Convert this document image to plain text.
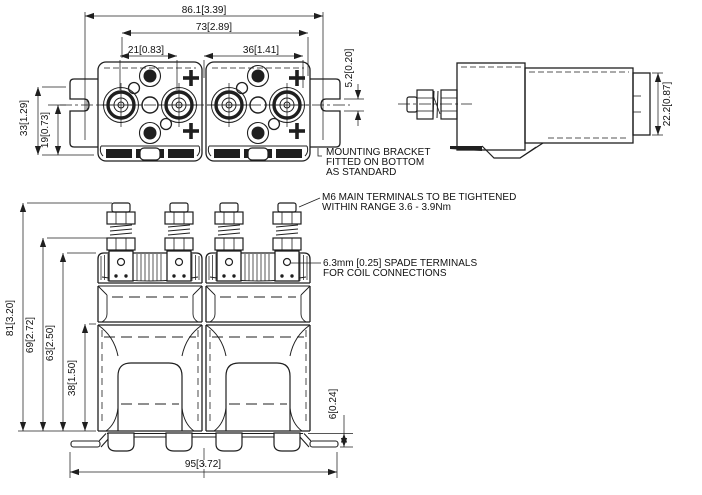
86.1[3.39]
73[2.89]
21[0.83]	36[1.41]
33[1.29] 19[0.73]
5.2[0.20]
22.2[0.87]
81[3.20] 69[2.72] 63[2.50]
38[1.50]
6[0.24]
95[3.72]
MOUNTING BRACKET
FITTED ON BOTTOM
AS STANDARD
M6 MAIN TERMINALS TO BE TIGHTENED
WITHIN RANGE 3.6 - 3.9Nm
6.3mm [0.25] SPADE TERMINALS
FOR COIL CONNECTIONS
